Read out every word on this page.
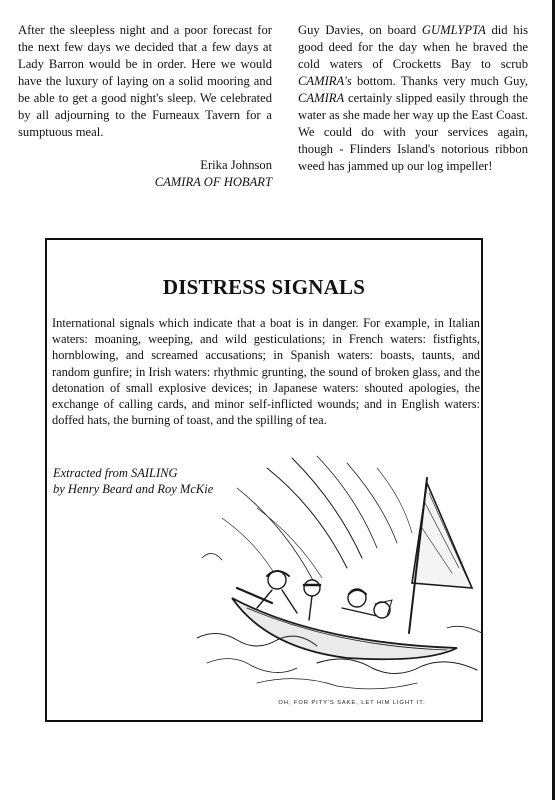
After the sleepless night and a poor forecast for the next few days we decided that a few days at Lady Barron would be in order. Here we would have the luxury of laying on a solid mooring and be able to get a good night's sleep. We celebrated by all adjourning to the Furneaux Tavern for a sumptuous meal.

Erika Johnson
CAMIRA OF HOBART

Guy Davies, on board GUMLYPTA did his good deed for the day when he braved the cold waters of Crocketts Bay to scrub CAMIRA's bottom. Thanks very much Guy, CAMIRA certainly slipped easily through the water as she made her way up the East Coast. We could do with your services again, though - Flinders Island's notorious ribbon weed has jammed up our log impeller!

DISTRESS SIGNALS

International signals which indicate that a boat is in danger. For example, in Italian waters: moaning, weeping, and wild gesticulations; in French waters: fistfights, hornblowing, and screamed accusations; in Spanish waters: boasts, taunts, and random gunfire; in Irish waters: rhythmic grunting, the sound of broken glass, and the detonation of small explosive devices; in Japanese waters: shouted apologies, the exchange of calling cards, and minor self-inflicted wounds; and in English waters: doffed hats, the burning of toast, and the spilling of tea.

Extracted from SAILING
by Henry Beard and Roy McKie
OH, FOR PITY'S SAKE, LET HIM LIGHT IT.
